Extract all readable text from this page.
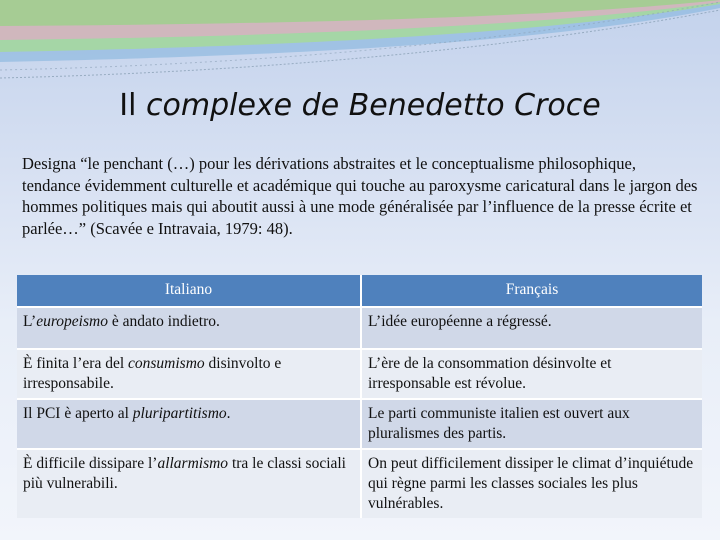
Il complexe de Benedetto Croce
Designa “le penchant (…) pour les dérivations abstraites et le conceptualisme philosophique, tendance évidemment culturelle et académique qui touche au paroxysme caricatural dans le jargon des hommes politiques mais qui aboutit aussi à une mode généralisée par l’influence de la presse écrite et parlée…” (Scavée e Intravaia, 1979: 48).
Italiano	Français
L’europeismo è andato indietro.	L’idée européenne a régressé.
È finita l’era del consumismo disinvolto e irresponsabile.	L’ère de la consommation désinvolte et irresponsable est révolue.
Il PCI è aperto al pluripartitismo.	Le parti communiste italien est ouvert aux pluralismes des partis.
È difficile dissipare l’allarmismo tra le classi sociali più vulnerabili.	On peut difficilement dissiper le climat d’inquiétude qui règne parmi les classes sociales les plus vulnérables.
